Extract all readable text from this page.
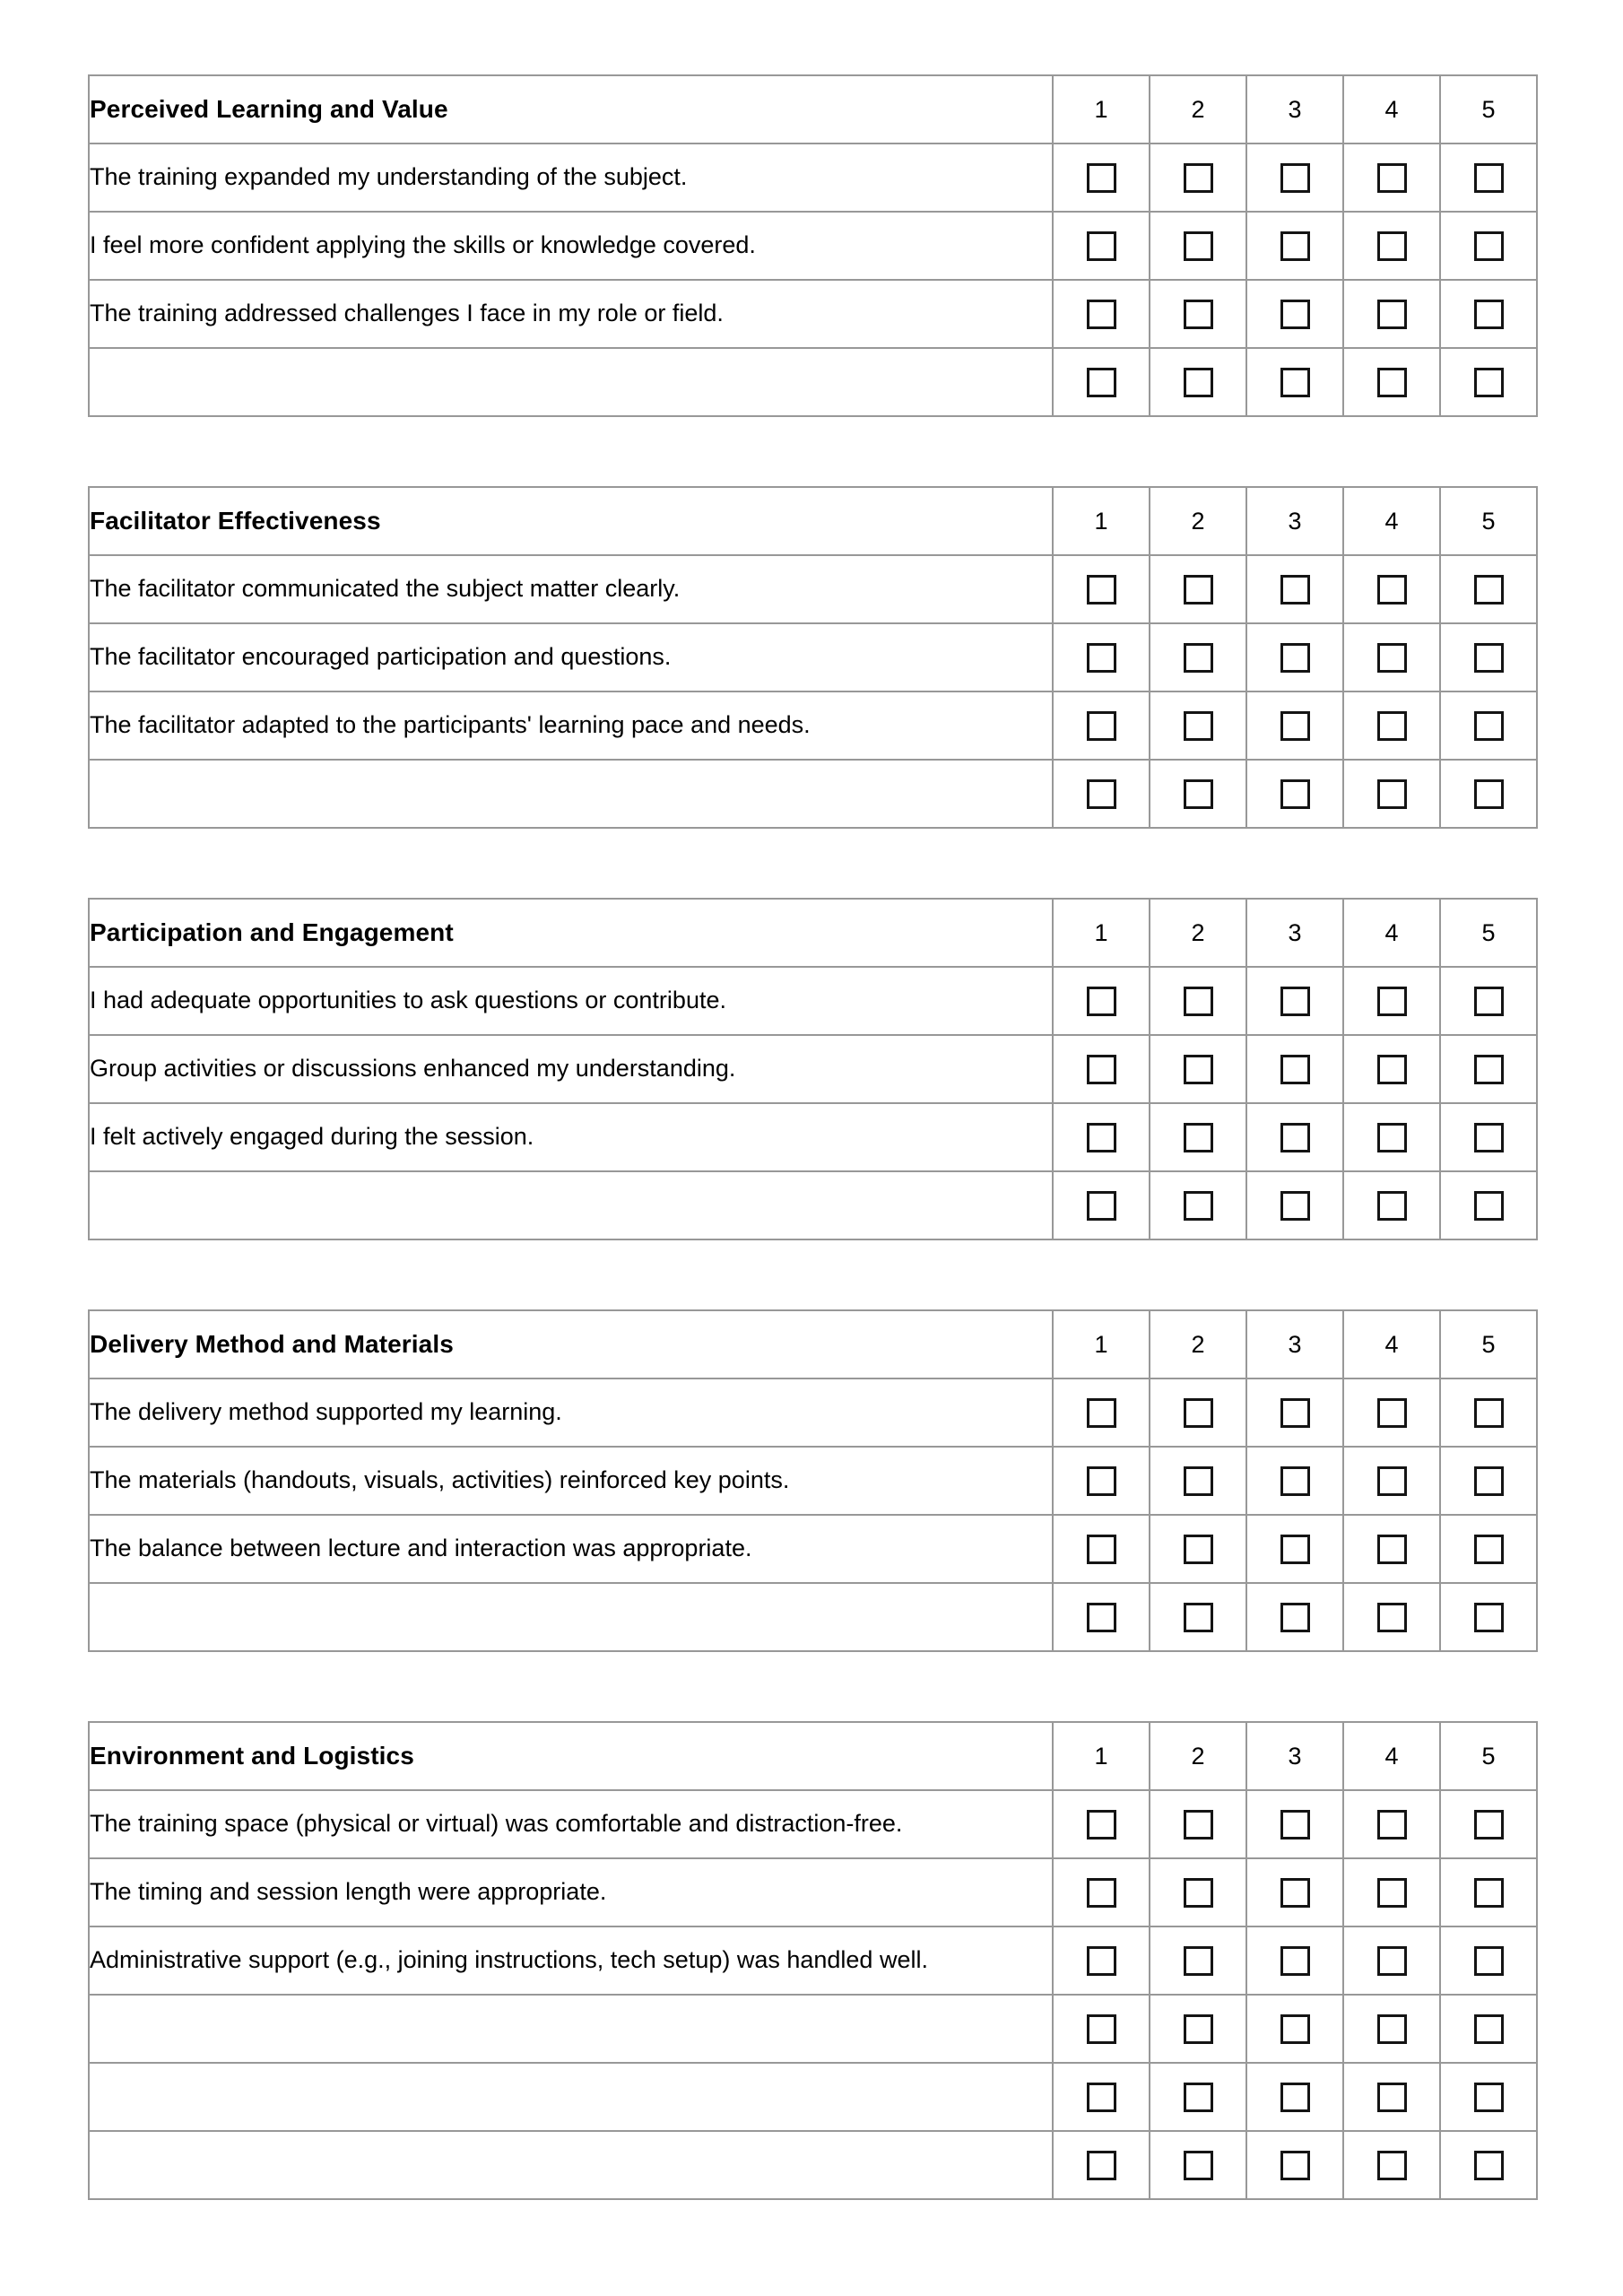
Perceived Learning and Value	1	2	3	4	5
The training expanded my understanding of the subject.					
I feel more confident applying the skills or knowledge covered.					
The training addressed challenges I face in my role or field.					

Facilitator Effectiveness	1	2	3	4	5
The facilitator communicated the subject matter clearly.					
The facilitator encouraged participation and questions.					
The facilitator adapted to the participants' learning pace and needs.					

Participation and Engagement	1	2	3	4	5
I had adequate opportunities to ask questions or contribute.					
Group activities or discussions enhanced my understanding.					
I felt actively engaged during the session.					

Delivery Method and Materials	1	2	3	4	5
The delivery method supported my learning.					
The materials (handouts, visuals, activities) reinforced key points.					
The balance between lecture and interaction was appropriate.					

Environment and Logistics	1	2	3	4	5
The training space (physical or virtual) was comfortable and distraction-free.					
The timing and session length were appropriate.					
Administrative support (e.g., joining instructions, tech setup) was handled well.					
